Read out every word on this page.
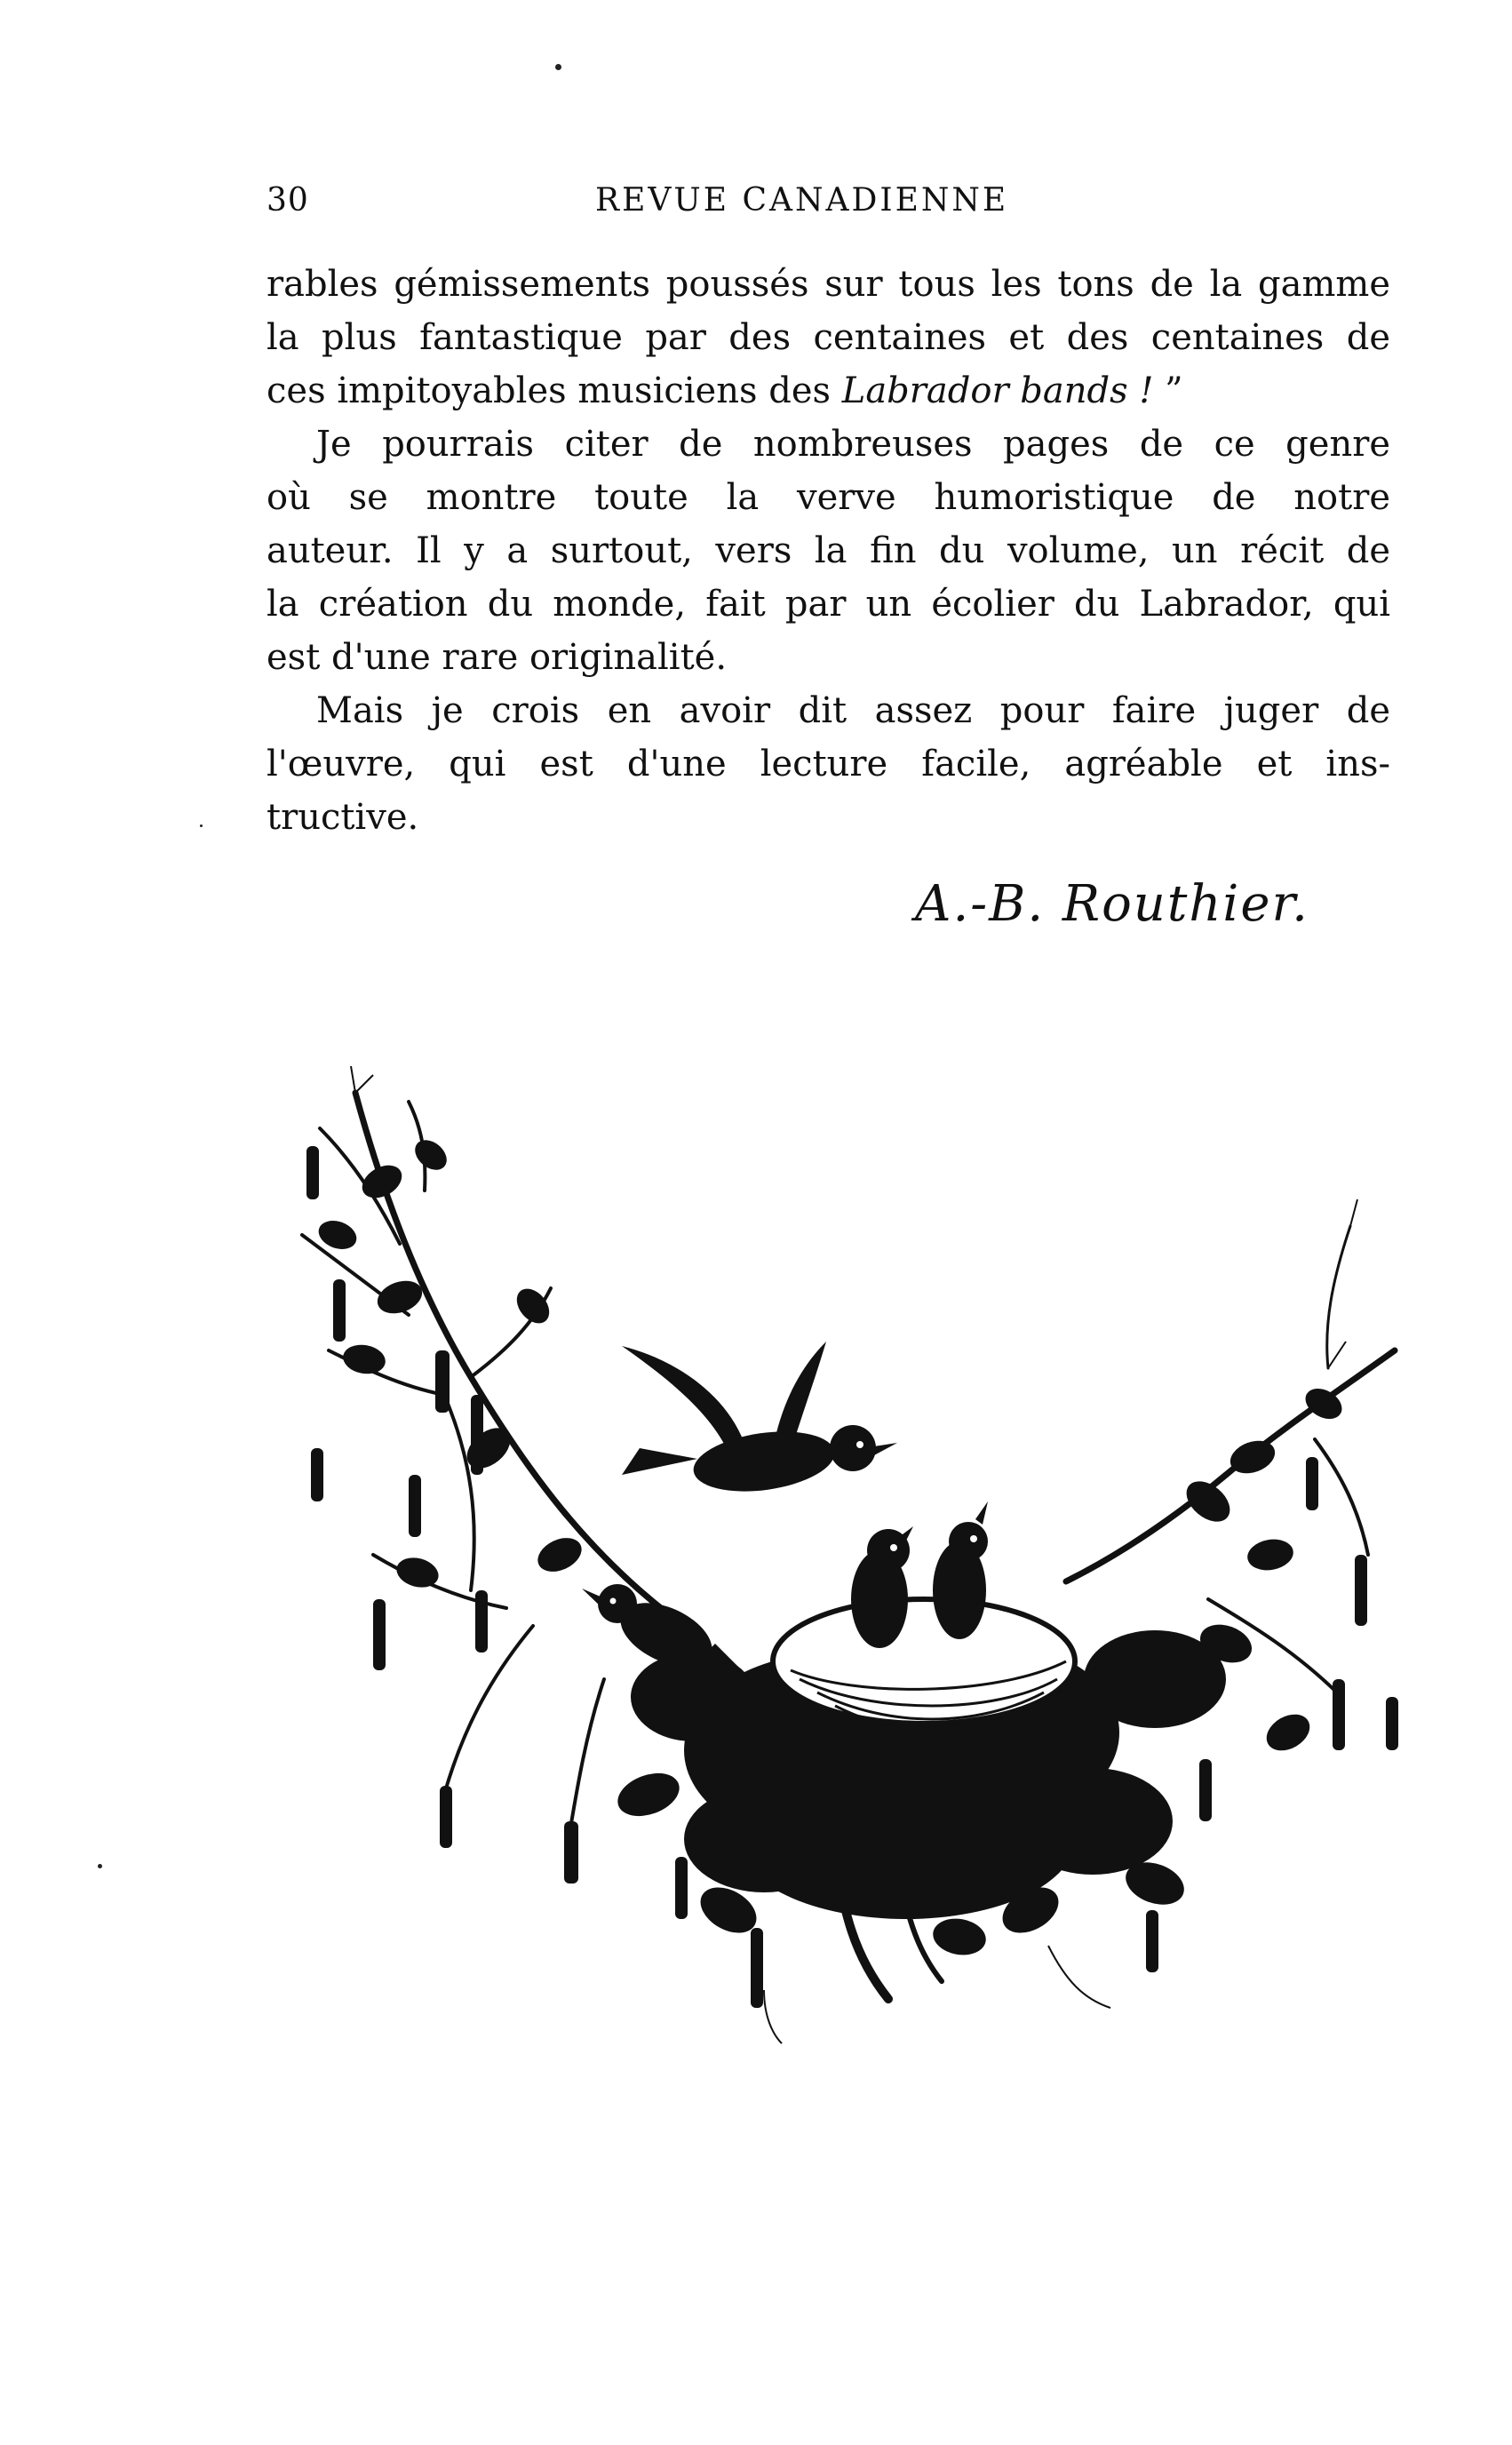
30	REVUE CANADIENNE
rables gémissements poussés sur tous les tons de la gamme
la plus fantastique par des centaines et des centaines de
ces impitoyables musiciens des Labrador bands ! ”
Je pourrais citer de nombreuses pages de ce genre
où se montre toute la verve humoristique de notre
auteur. Il y a surtout, vers la fin du volume, un récit de
la création du monde, fait par un écolier du Labrador, qui
est d'une rare originalité.
Mais je crois en avoir dit assez pour faire juger de
l'œuvre, qui est d'une lecture facile, agréable et ins-
tructive.
A.-B. Routhier.
